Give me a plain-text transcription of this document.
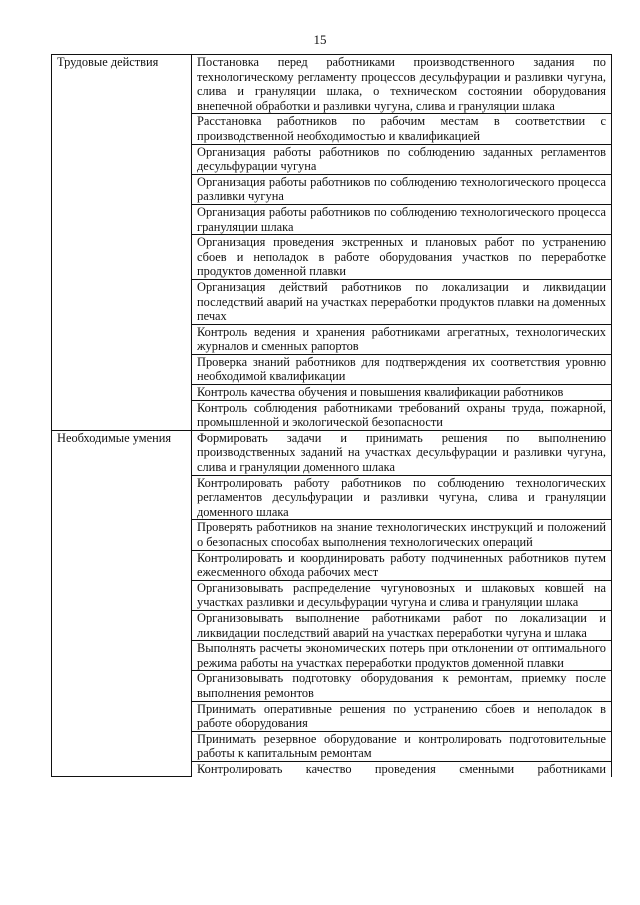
15
Трудовые действия	Постановка перед работниками производственного задания по технологическому регламенту процессов десульфурации и разливки чугуна, слива и грануляции шлака, о техническом состоянии оборудования внепечной обработки и разливки чугуна, слива и грануляции шлака
	Расстановка работников по рабочим местам в соответствии с производственной необходимостью и квалификацией
	Организация работы работников по соблюдению заданных регламентов десульфурации чугуна
	Организация работы работников по соблюдению технологического процесса разливки чугуна
	Организация работы работников по соблюдению технологического процесса грануляции шлака
	Организация проведения экстренных и плановых работ по устранению сбоев и неполадок в работе оборудования участков по переработке продуктов доменной плавки
	Организация действий работников по локализации и ликвидации последствий аварий на участках переработки продуктов плавки на доменных печах
	Контроль ведения и хранения работниками агрегатных, технологических журналов и сменных рапортов
	Проверка знаний работников для подтверждения их соответствия уровню необходимой квалификации
	Контроль качества обучения и повышения квалификации работников
	Контроль соблюдения работниками требований охраны труда, пожарной, промышленной и экологической безопасности
Необходимые умения	Формировать задачи и принимать решения по выполнению производственных заданий на участках десульфурации и разливки чугуна, слива и грануляции доменного шлака
	Контролировать работу работников по соблюдению технологических регламентов десульфурации и разливки чугуна, слива и грануляции доменного шлака
	Проверять работников на знание технологических инструкций и положений о безопасных способах выполнения технологических операций
	Контролировать и координировать работу подчиненных работников путем ежесменного обхода рабочих мест
	Организовывать распределение чугуновозных и шлаковых ковшей на участках разливки и десульфурации чугуна и слива и грануляции шлака
	Организовывать выполнение работниками работ по локализации и ликвидации последствий аварий на участках переработки чугуна и шлака
	Выполнять расчеты экономических потерь при отклонении от оптимального режима работы на участках переработки продуктов доменной плавки
	Организовывать подготовку оборудования к ремонтам, приемку после выполнения ремонтов
	Принимать оперативные решения по устранению сбоев и неполадок в работе оборудования
	Принимать резервное оборудование и контролировать подготовительные работы к капитальным ремонтам
	Контролировать качество проведения сменными работниками
